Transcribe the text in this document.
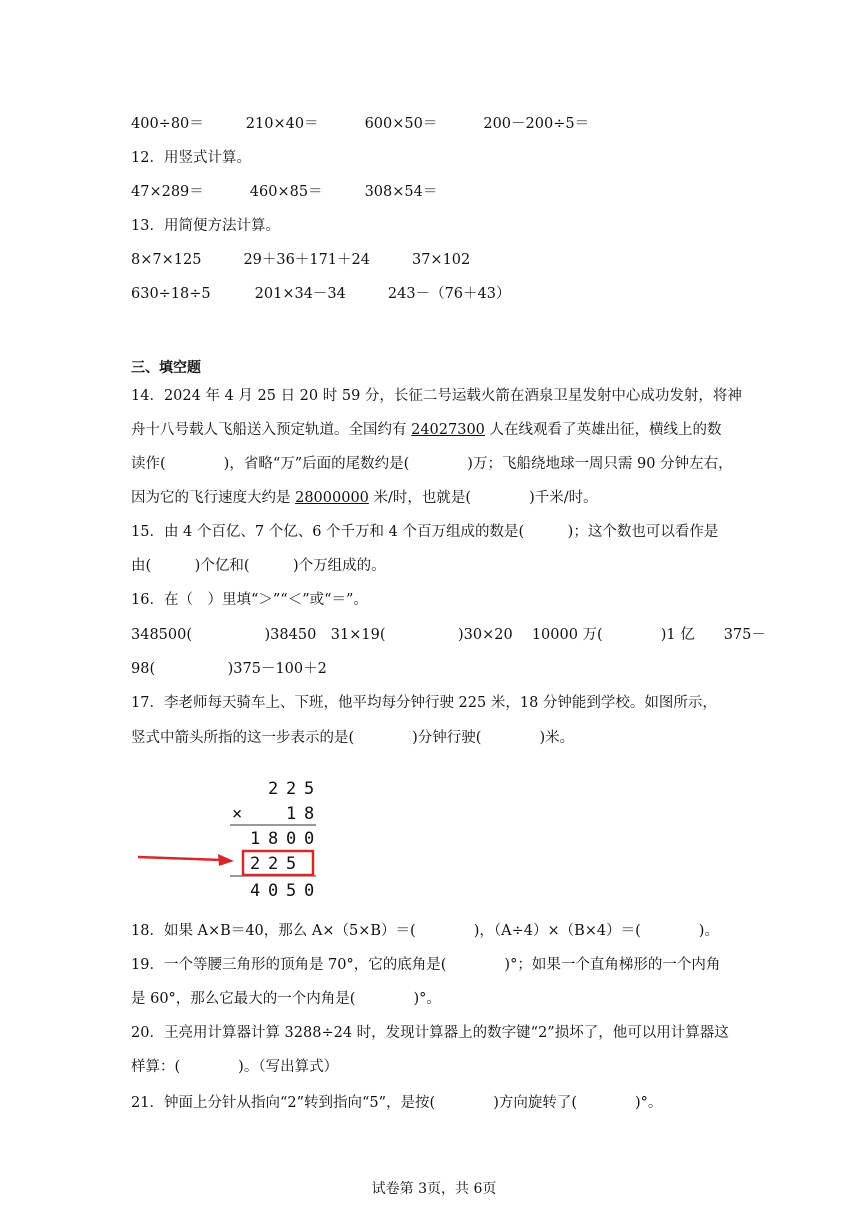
400÷80＝	210×40＝	600×50＝	200－200÷5＝
12．用竖式计算。
47×289＝	460×85＝	308×54＝
13．用简便方法计算。
8×7×125	29＋36＋171＋24	37×102
630÷18÷5	201×34－34	243－（76＋43）
三、填空题
14．2024 年 4 月 25 日 20 时 59 分，长征二号运载火箭在酒泉卫星发射中心成功发射，将神
舟十八号载人飞船送入预定轨道。全国约有 24027300 人在线观看了英雄出征，横线上的数
读作(　　　　)，省略“万”后面的尾数约是(　　　　)万；飞船绕地球一周只需 90 分钟左右，
因为它的飞行速度大约是 28000000 米/时，也就是(　　　　)千米/时。
15．由 4 个百亿、7 个亿、6 个千万和 4 个百万组成的数是(　　　)；这个数也可以看作是
由(　　　)个亿和(　　　)个万组成的。
16．在（　）里填“＞”“＜”或“＝”。
348500(　　　　　)38450　31×19(　　　　　)30×20　 10000 万(　　　　)1 亿　　375－
98(　　　　　)375－100＋2
17．李老师每天骑车上、下班，他平均每分钟行驶 225 米，18 分钟能到学校。如图所示，
竖式中箭头所指的这一步表示的是(　　　　)分钟行驶(　　　　)米。
2 2 5
×	1 8
1 8 0 0
2 2 5
4 0 5 0
18．如果 A×B＝40，那么 A×（5×B）＝(　　　　)，（A÷4）×（B×4）＝(　　　　)。
19．一个等腰三角形的顶角是 70°，它的底角是(　　　　)°；如果一个直角梯形的一个内角
是 60°，那么它最大的一个内角是(　　　　)°。
20．王亮用计算器计算 3288÷24 时，发现计算器上的数字键“2”损坏了，他可以用计算器这
样算：(　　　　)。（写出算式）
21．钟面上分针从指向“2”转到指向“5”，是按(　　　　)方向旋转了(　　　　)°。
试卷第 3页，共 6页
